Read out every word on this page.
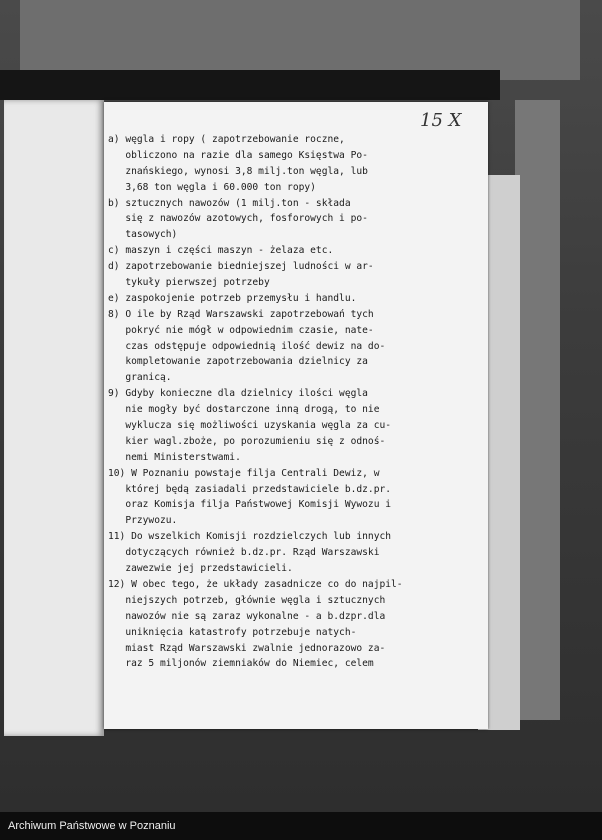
15 X
a) węgla i ropy ( zapotrzebowanie roczne,
obliczono na razie dla samego Księstwa Po-
znańskiego, wynosi 3,8 milj.ton węgla, lub
3,68 ton węgla i 60.000 ton ropy)
b) sztucznych nawozów (1 milj.ton - składa
się z nawozów azotowych, fosforowych i po-
tasowych)
c) maszyn i części maszyn - żelaza etc.
d) zapotrzebowanie biedniejszej ludności w ar-
tykuły pierwszej potrzeby
e) zaspokojenie potrzeb przemysłu i handlu.
8) O ile by Rząd Warszawski zapotrzebowań tych
pokryć nie mógł w odpowiednim czasie, nate-
czas odstępuje odpowiednią ilość dewiz na do-
kompletowanie zapotrzebowania dzielnicy za
granicą.
9) Gdyby konieczne dla dzielnicy ilości węgla
nie mogły być dostarczone inną drogą, to nie
wyklucza się możliwości uzyskania węgla za cu-
kier wagl.zboże, po porozumieniu się z odnoś-
nemi Ministerstwami.
10) W Poznaniu powstaje filja Centrali Dewiz, w
której będą zasiadali przedstawiciele b.dz.pr.
oraz Komisja filja Państwowej Komisji Wywozu i
Przywozu.
11) Do wszelkich Komisji rozdzielczych lub innych
dotyczących również b.dz.pr. Rząd Warszawski
zawezwie jej przedstawicieli.
12) W obec tego, że układy zasadnicze co do najpil-
niejszych potrzeb, głównie węgla i sztucznych
nawozów nie są zaraz wykonalne - a b.dzpr.dla
uniknięcia katastrofy potrzebuje natych-
miast Rząd Warszawski zwalnie jednorazowo za-
raz 5 miljonów ziemniaków do Niemiec, celem
Archiwum Państwowe w Poznaniu
